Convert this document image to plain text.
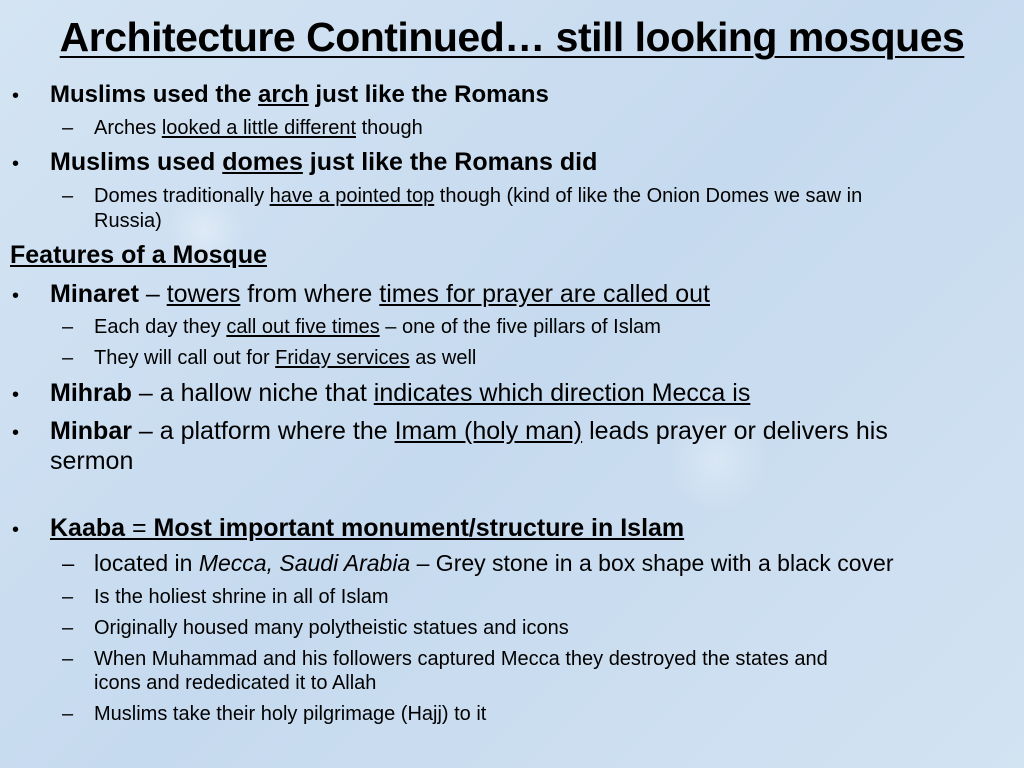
Architecture Continued… still looking mosques
• Muslims used the arch just like the Romans
– Arches looked a little different though
• Muslims used domes just like the Romans did
– Domes traditionally have a pointed top though (kind of like the Onion Domes we saw in
Russia)
Features of a Mosque
• Minaret – towers from where times for prayer are called out
– Each day they call out five times – one of the five pillars of Islam
– They will call out for Friday services as well
• Mihrab – a hallow niche that indicates which direction Mecca is
• Minbar – a platform where the Imam (holy man) leads prayer or delivers his
sermon
• Kaaba = Most important monument/structure in Islam
– located in Mecca, Saudi Arabia – Grey stone in a box shape with a black cover
– Is the holiest shrine in all of Islam
– Originally housed many polytheistic statues and icons
– When Muhammad and his followers captured Mecca they destroyed the states and
icons and rededicated it to Allah
– Muslims take their holy pilgrimage (Hajj) to it
